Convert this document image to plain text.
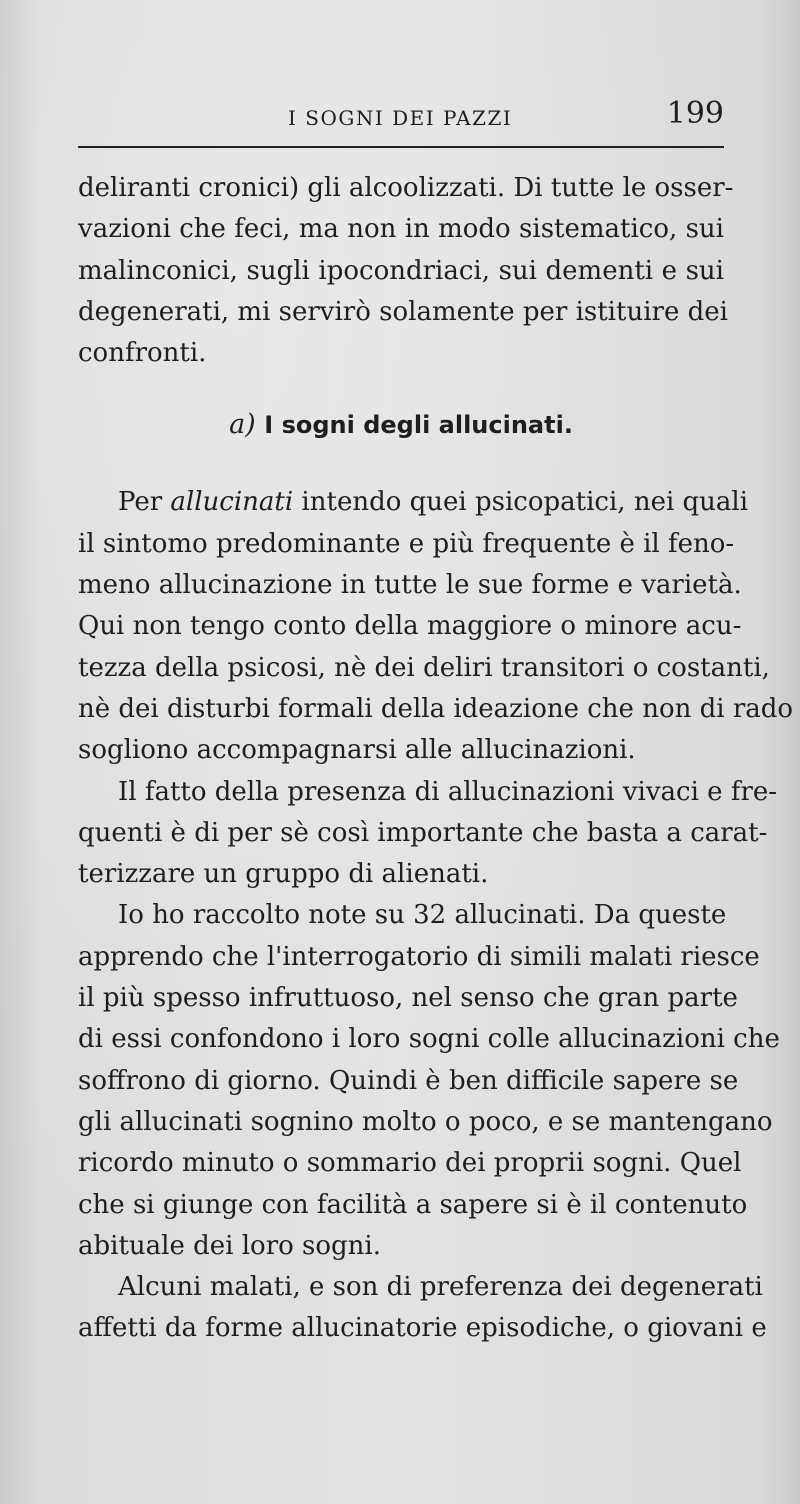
I SOGNI DEI PAZZI	199

deliranti cronici) gli alcoolizzati. Di tutte le osser-
vazioni che feci, ma non in modo sistematico, sui
malinconici, sugli ipocondriaci, sui dementi e sui
degenerati, mi servirò solamente per istituire dei
confronti.

a) I sogni degli allucinati.

Per allucinati intendo quei psicopatici, nei quali
il sintomo predominante e più frequente è il feno-
meno allucinazione in tutte le sue forme e varietà.
Qui non tengo conto della maggiore o minore acu-
tezza della psicosi, nè dei deliri transitori o costanti,
nè dei disturbi formali della ideazione che non di rado
sogliono accompagnarsi alle allucinazioni.

Il fatto della presenza di allucinazioni vivaci e fre-
quenti è di per sè così importante che basta a carat-
terizzare un gruppo di alienati.

Io ho raccolto note su 32 allucinati. Da queste
apprendo che l'interrogatorio di simili malati riesce
il più spesso infruttuoso, nel senso che gran parte
di essi confondono i loro sogni colle allucinazioni che
soffrono di giorno. Quindi è ben difficile sapere se
gli allucinati sognino molto o poco, e se mantengano
ricordo minuto o sommario dei proprii sogni. Quel
che si giunge con facilità a sapere si è il contenuto
abituale dei loro sogni.

Alcuni malati, e son di preferenza dei degenerati
affetti da forme allucinatorie episodiche, o giovani e
